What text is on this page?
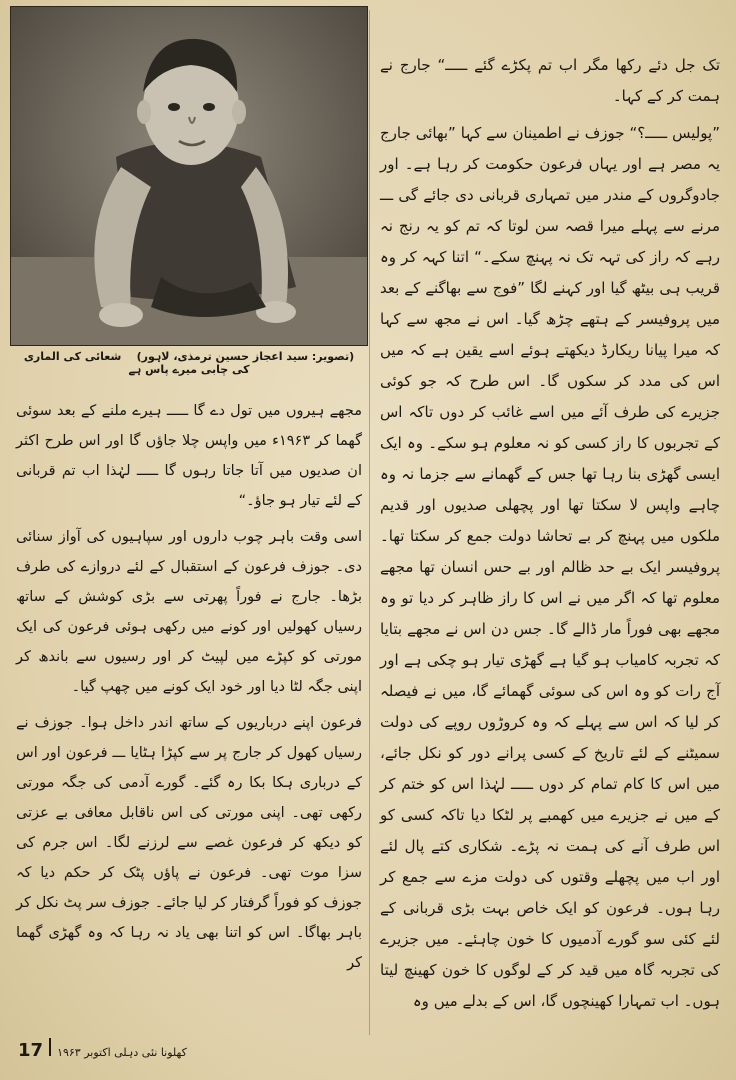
(تصویر: سید اعجاز حسین ترمذی، لاہور)    شعائی کی الماری کی چابی میرے پاس ہے

تک جل دئے رکھا مگر اب تم پکڑے گئے ـــــ“ جارج نے ہمت کر کے کہا۔

”پولیس ـــــ؟“ جوزف نے اطمینان سے کہا ”بھائی جارج یہ مصر ہے اور یہاں فرعون حکومت کر رہا ہے۔ اور جادوگروں کے مندر میں تمہاری قربانی دی جائے گی ـــ مرنے سے پہلے میرا قصہ سن لوتا کہ تم کو یہ رنج نہ رہے کہ راز کی تہہ تک نہ پہنچ سکے۔“ اتنا کہہ کر وہ قریب ہی بیٹھ گیا اور کہنے لگا ”فوج سے بھاگنے کے بعد میں پروفیسر کے ہتھے چڑھ گیا۔ اس نے مجھ سے کہا کہ میرا پیانا ریکارڈ دیکھتے ہوئے اسے یقین ہے کہ میں اس کی مدد کر سکوں گا۔ اس طرح کہ جو کوئی جزیرے کی طرف آئے میں اسے غائب کر دوں تاکہ اس کے تجربوں کا راز کسی کو نہ معلوم ہو سکے۔ وہ ایک ایسی گھڑی بنا رہا تھا جس کے گھمانے سے جزما نہ وہ چاہے واپس لا سکتا تھا اور پچھلی صدیوں اور قدیم ملکوں میں پہنچ کر بے تحاشا دولت جمع کر سکتا تھا۔ پروفیسر ایک بے حد ظالم اور بے حس انسان تھا مجھے معلوم تھا کہ اگر میں نے اس کا راز ظاہر کر دیا تو وہ مجھے بھی فوراً مار ڈالے گا۔ جس دن اس نے مجھے بتایا کہ تجربہ کامیاب ہو گیا ہے گھڑی تیار ہو چکی ہے اور آج رات کو وہ اس کی سوئی گھمائے گا، میں نے فیصلہ کر لیا کہ اس سے پہلے کہ وہ کروڑوں روپے کی دولت سمیٹنے کے لئے تاریخ کے کسی پرانے دور کو نکل جائے، میں اس کا کام تمام کر دوں ـــــ لہٰذا اس کو ختم کر کے میں نے جزیرے میں کھمبے پر لٹکا دیا تاکہ کسی کو اس طرف آنے کی ہمت نہ پڑے۔ شکاری کتے پال لئے اور اب میں پچھلے وقتوں کی دولت مزے سے جمع کر رہا ہوں۔ فرعون کو ایک خاص بہت بڑی قربانی کے لئے کئی سو گورے آدمیوں کا خون چاہئے۔ میں جزیرے کی تجربہ گاہ میں قید کر کے لوگوں کا خون کھینچ لیتا ہوں۔ اب تمہارا کھینچوں گا، اس کے بدلے میں وہ

مجھے ہیروں میں تول دے گا ـــــ ہیرے ملنے کے بعد سوئی گھما کر ۱۹۶۳ء میں واپس چلا جاؤں گا اور اس طرح اکثر ان صدیوں میں آتا جاتا رہوں گا ـــــ لہٰذا اب تم قربانی کے لئے تیار ہو جاؤ۔“

اسی وقت باہر چوب داروں اور سپاہیوں کی آواز سنائی دی۔ جوزف فرعون کے استقبال کے لئے دروازے کی طرف بڑھا۔ جارج نے فوراً پھرتی سے بڑی کوشش کے ساتھ رسیاں کھولیں اور کونے میں رکھی ہوئی فرعون کی ایک مورتی کو کپڑے میں لپیٹ کر اور رسیوں سے باندھ کر اپنی جگہ لٹا دیا اور خود ایک کونے میں چھپ گیا۔

فرعون اپنے درباریوں کے ساتھ اندر داخل ہوا۔ جوزف نے رسیاں کھول کر جارج پر سے کپڑا ہٹایا ـــ فرعون اور اس کے درباری ہکا بکا رہ گئے۔ گورے آدمی کی جگہ مورتی رکھی تھی۔ اپنی مورتی کی اس ناقابل معافی بے عزتی کو دیکھ کر فرعون غصے سے لرزنے لگا۔ اس جرم کی سزا موت تھی۔ فرعون نے پاؤں پٹک کر حکم دیا کہ جوزف کو فوراً گرفتار کر لیا جائے۔ جوزف سر پٹ نکل کر باہر بھاگا۔ اس کو اتنا بھی یاد نہ رہا کہ وہ گھڑی گھما کر

17 کھلونا نئی دہلی اکتوبر ۱۹۶۳
